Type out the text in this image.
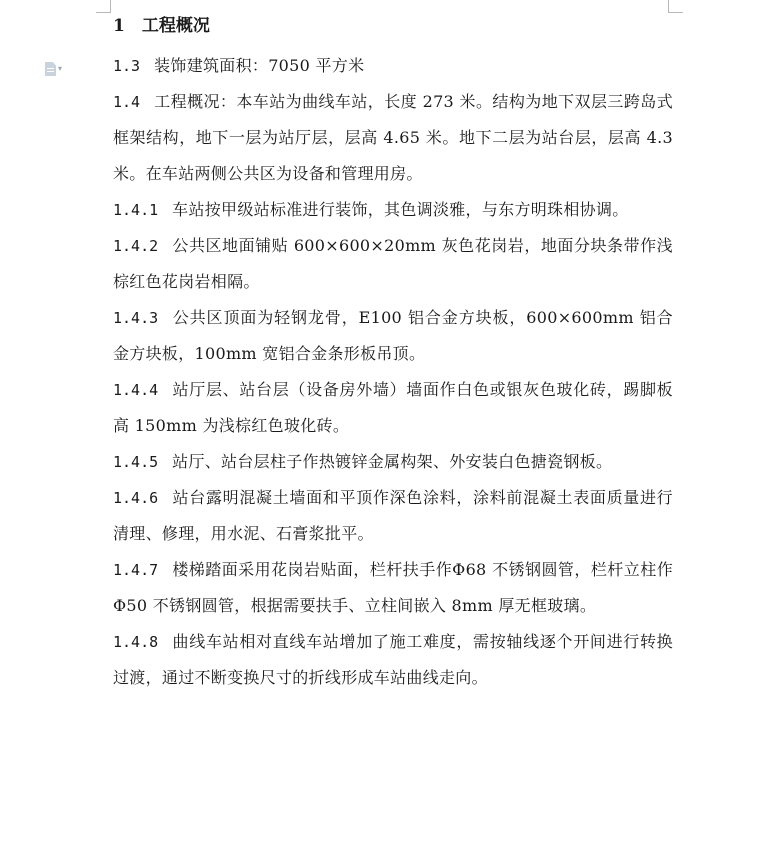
▾
1　工程概况

1.3 装饰建筑面积：7050 平方米

1.4 工程概况：本车站为曲线车站，长度 273 米。结构为地下双层三跨岛式框架结构，地下一层为站厅层，层高 4.65 米。地下二层为站台层，层高 4.3 米。在车站两侧公共区为设备和管理用房。

1.4.1 车站按甲级站标准进行装饰，其色调淡雅，与东方明珠相协调。

1.4.2 公共区地面铺贴 600×600×20mm 灰色花岗岩，地面分块条带作浅棕红色花岗岩相隔。

1.4.3 公共区顶面为轻钢龙骨，E100 铝合金方块板，600×600mm 铝合金方块板，100mm 宽铝合金条形板吊顶。

1.4.4 站厅层、站台层（设备房外墙）墙面作白色或银灰色玻化砖，踢脚板高 150mm 为浅棕红色玻化砖。

1.4.5 站厅、站台层柱子作热镀锌金属构架、外安装白色搪瓷钢板。

1.4.6 站台露明混凝土墙面和平顶作深色涂料，涂料前混凝土表面质量进行清理、修理，用水泥、石膏浆批平。

1.4.7 楼梯踏面采用花岗岩贴面，栏杆扶手作Φ68 不锈钢圆管，栏杆立柱作Φ50 不锈钢圆管，根据需要扶手、立柱间嵌入 8mm 厚无框玻璃。

1.4.8 曲线车站相对直线车站增加了施工难度，需按轴线逐个开间进行转换过渡，通过不断变换尺寸的折线形成车站曲线走向。
